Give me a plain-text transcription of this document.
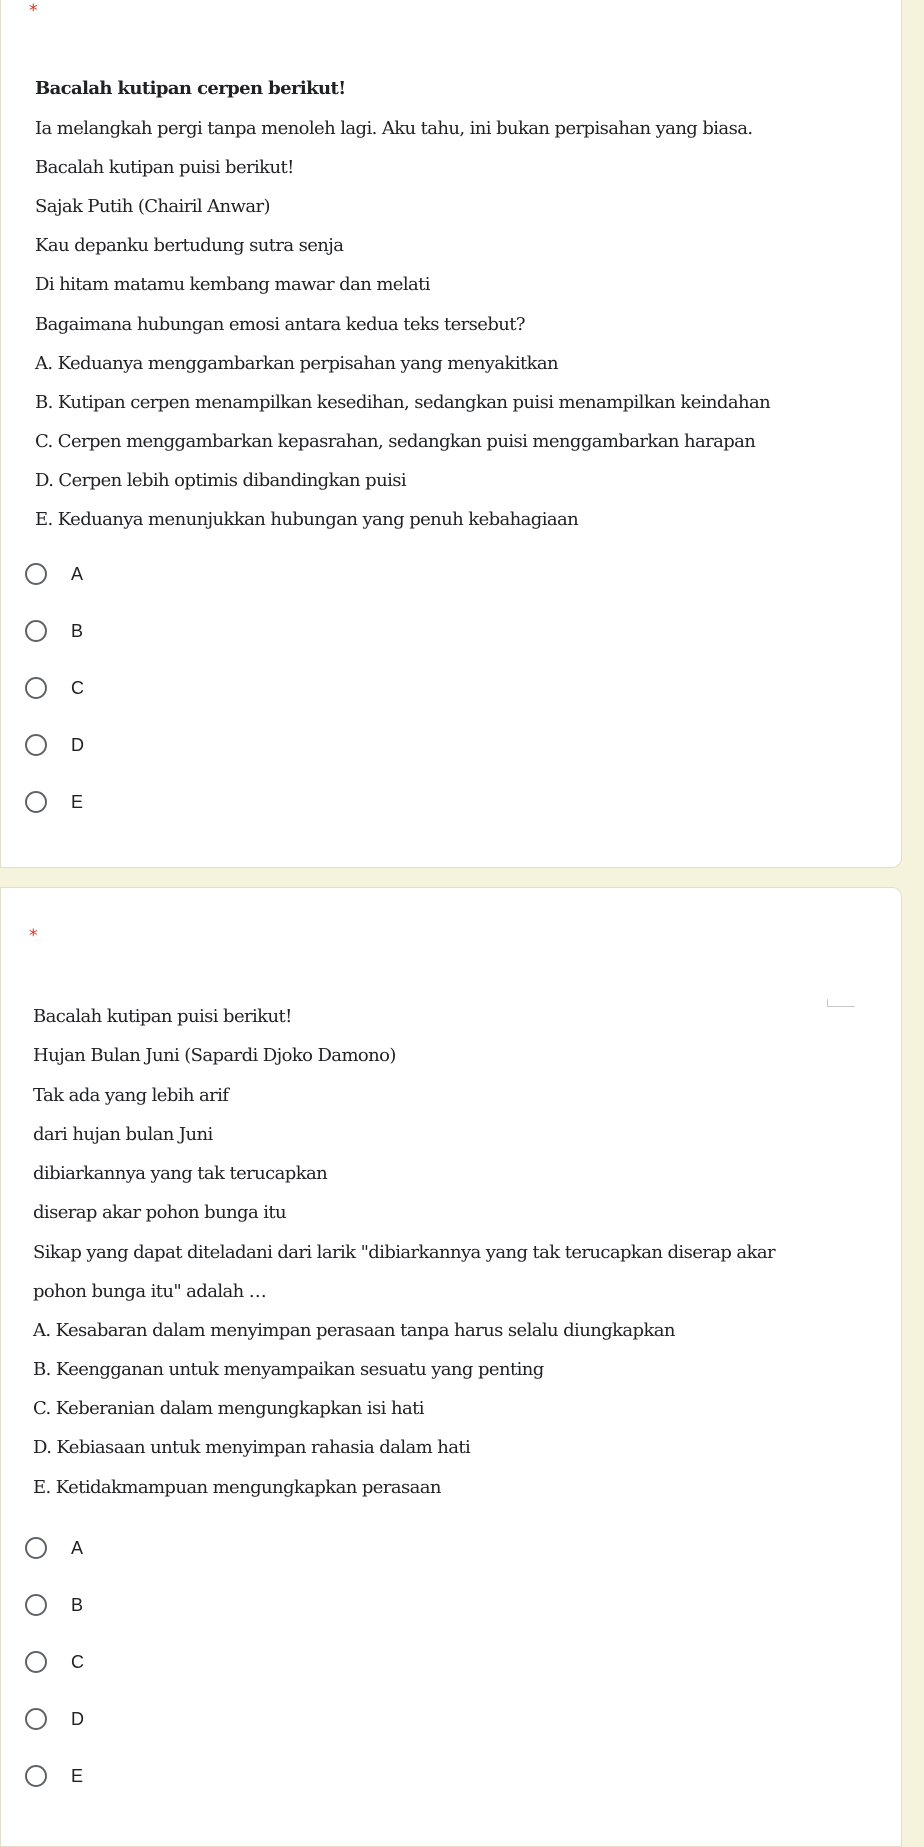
*
Bacalah kutipan cerpen berikut!
Ia melangkah pergi tanpa menoleh lagi. Aku tahu, ini bukan perpisahan yang biasa.
Bacalah kutipan puisi berikut!
Sajak Putih (Chairil Anwar)
Kau depanku bertudung sutra senja
Di hitam matamu kembang mawar dan melati
Bagaimana hubungan emosi antara kedua teks tersebut?
A. Keduanya menggambarkan perpisahan yang menyakitkan
B. Kutipan cerpen menampilkan kesedihan, sedangkan puisi menampilkan keindahan
C. Cerpen menggambarkan kepasrahan, sedangkan puisi menggambarkan harapan
D. Cerpen lebih optimis dibandingkan puisi
E. Keduanya menunjukkan hubungan yang penuh kebahagiaan
A
B
C
D
E
*
Bacalah kutipan puisi berikut!
Hujan Bulan Juni (Sapardi Djoko Damono)
Tak ada yang lebih arif
dari hujan bulan Juni
dibiarkannya yang tak terucapkan
diserap akar pohon bunga itu
Sikap yang dapat diteladani dari larik "dibiarkannya yang tak terucapkan diserap akar
pohon bunga itu" adalah …
A. Kesabaran dalam menyimpan perasaan tanpa harus selalu diungkapkan
B. Keengganan untuk menyampaikan sesuatu yang penting
C. Keberanian dalam mengungkapkan isi hati
D. Kebiasaan untuk menyimpan rahasia dalam hati
E. Ketidakmampuan mengungkapkan perasaan
A
B
C
D
E
